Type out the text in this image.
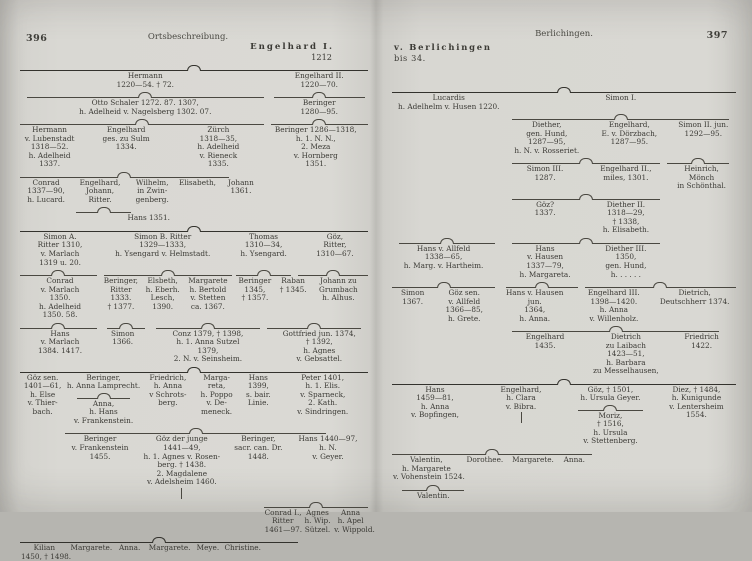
396	Ortsbeschreibung.
Engelhard I.
1212
Hermann
1220—54. † 72.
Engelhard II.
1220—70.
Otto Schaler 1272. 87. 1307,
h. Adelheid v. Nagelsberg 1302. 07.
Beringer
1280—95.
Hermann
v. Lubenstadt
1318—52.
h. Adelheid
1337.
Engelhard
ges. zu Sulm
1334.
Zürch
1318—35,
h. Adelheid
v. Rieneck
1335.
Beringer 1286—1318,
h. 1. N. N.,
2. Meza
v. Hornberg
1351.
Conrad
1337—90,
h. Lucard.
Engelhard,
Johann,
Ritter.
Wilhelm,
in Zwin-
genberg.
Elisabeth,	Johann
1361.
Hans 1351.
Simon A.
Ritter 1310,
v. Marlach
1319 u. 20.
Simon B. Ritter
1329—1333,
h. Ysengard v. Helmstadt.
Thomas
1310—34,
h. Ysengard.
Göz,
Ritter,
1310—67.
Conrad
v. Marlach
1350.
h. Adelheid
1350. 58.
Beringer,
Ritter
1333.
† 1377.
Elsbeth,
h. Eberh.
Lesch,
1390.
Margarete
h. Bertold
v. Stetten
ca. 1367.
Beringer
1345,
† 1357.
Raban
† 1345.
Johann zu
Grumbach
h. Alhus.
Hans
v. Marlach
1384. 1417.
Simon
1366.
Conz 1379, † 1398,
h. 1. Anna Sutzel
1379,
2. N. v. Seinsheim.
Gottfried jun. 1374,
† 1392,
h. Agnes
v. Gebsattel.
Göz sen.
1401—61,
h. Else
v. Thier-
bach.
Beringer,
h. Anna Lamprecht.
Anna,
h. Hans
v. Frankenstein.
Friedrich,
h. Anna
v Schrots-
berg.
Marga-
reta,
h. Poppo
v. De-
meneck.
Hans
1399,
s. bair.
Linie.
Peter 1401,
h. 1. Elis.
v. Sparneck,
2. Kath.
v. Sindringen.
Beringer
v. Frankenstein
1455.
Göz der junge
1441—49,
h. 1. Agnes v. Rosen-
berg. † 1438.
2. Magdalene
v. Adelsheim 1460.
Beringer,
sacr. can. Dr.
1448.
Hans 1440—97,
h. N.
v. Geyer.
Conrad I.,
Ritter
1461—97.
Agnes
h. Wip.
Sützel.
Anna
h. Apel
v. Wippold.
Kilian
1450, † 1498.
Margarete. Anna.	Margarete. Meye. Christine.
Berlichingen.	397
v. Berlichingen
bis 34.
Lucardis
h. Adelhelm v. Husen 1220.
Simon I.
Diether,
gen. Hund,
1287—95,
h. N. v. Rosseriet.
Engelhard,
E. v. Dörzbach,
1287—95.
Simon II. jun.
1292—95.
Simon III.
1287.
Engelhard II.,
miles, 1301.
Heinrich,
Mönch
in Schönthal.
Göz?
1337.
Diether II.
1318—29,
† 1338,
h. Elisabeth.
Hans v. Allfeld
1338—65,
h. Marg. v. Hartheim.
Hans
v. Hausen
1337—79,
h. Margareta.
Diether III.
1350,
gen. Hund,
h. . . . . .
Simon
1367.
Göz sen.
v. Allfeld
1366—85,
h. Grete.
Hans v. Hausen
jun.
1364,
h. Anna.
Engelhard III.
1398—1420.
h. Anna
v. Willenholz.
Dietrich,
Deutschherr 1374.
Engelhard
1435.
Dietrich
zu Laibach
1423—51,
h. Barbara
zu Messelhausen,
Friedrich
1422.
Hans
1459—81,
h. Anna
v. Bopfingen,
Engelhard,
h. Clara
v. Bibra.
Göz, † 1501,
h. Ursula Geyer.
Moriz,
† 1516,
h. Ursula
v. Stettenberg.
Diez, † 1484,
h. Kunigunde
v. Lentersheim
1554.
Valentin,
h. Margarete
v. Vohenstein 1524.
Dorothee.	Margarete.	Anna.
Valentin.
